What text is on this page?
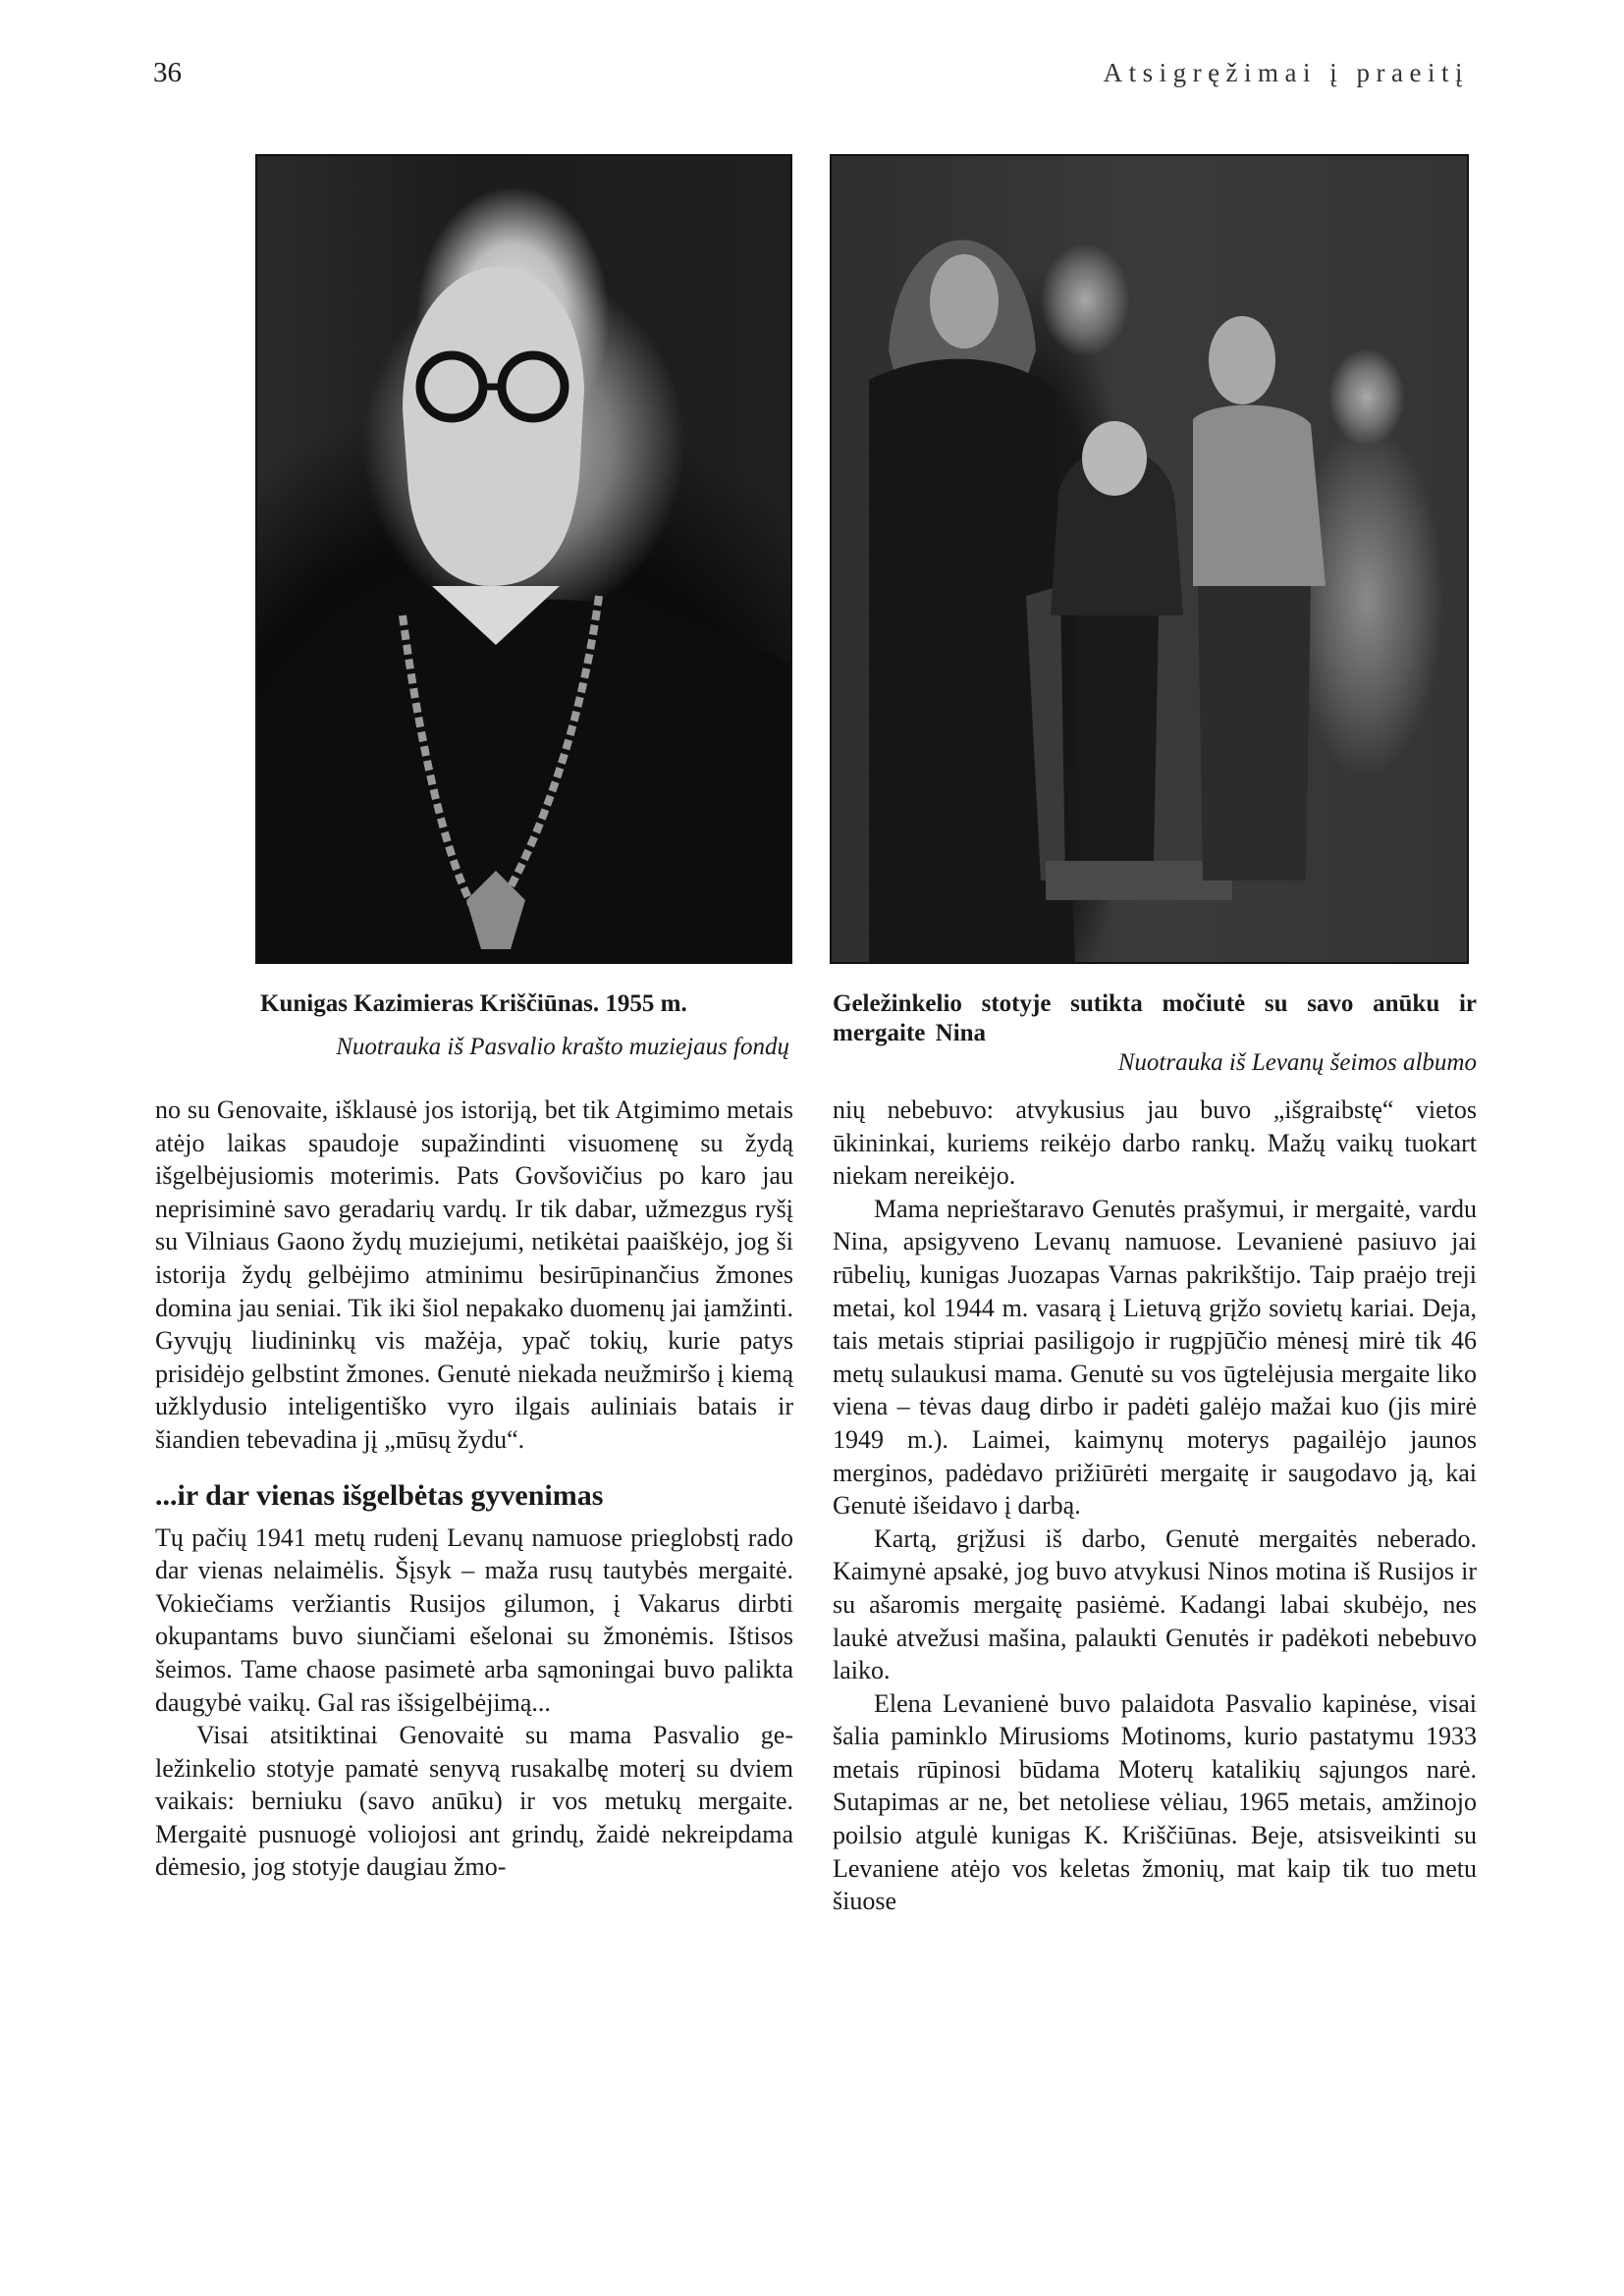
36	Atsigręžimai į praeitį
Kunigas Kazimieras Kriščiūnas. 1955 m.
Nuotrauka iš Pasvalio krašto muziejaus fondų
Geležinkelio stotyje sutikta močiutė su savo anūku ir mergaite Nina
Nuotrauka iš Levanų šeimos albumo

no su Genovaite, išklausė jos istoriją, bet tik Atgimimo metais atėjo laikas spaudoje supažindinti visuomenę su žydą išgelbėjusiomis moterimis. Pats Govšovičius po karo jau neprisiminė savo geradarių vardų. Ir tik dabar, užmezgus ryšį su Vilniaus Gaono žydų muziejumi, netikėtai paaiškėjo, jog ši istorija žydų gelbėjimo atminimu besirūpinančius žmones domina jau seniai. Tik iki šiol nepakako duomenų jai įamžinti. Gyvųjų liudininkų vis mažėja, ypač tokių, kurie patys prisidėjo gelbstint žmones. Genutė niekada neužmiršo į kiemą užklydusio inteligentiško vyro ilgais auliniais batais ir šiandien tebevadina jį „mūsų žydu“.

...ir dar vienas išgelbėtas gyvenimas

Tų pačių 1941 metų rudenį Levanų namuose prieglobstį rado dar vienas nelaimėlis. Šįsyk – maža rusų tautybės mergaitė. Vokiečiams veržiantis Rusijos gilumon, į Vakarus dirbti okupantams buvo siunčiami ešelonai su žmonėmis. Ištisos šeimos. Tame chaose pasimetė arba sąmoningai buvo palikta daugybė vaikų. Gal ras išsigelbėjimą...

Visai atsitiktinai Genovaitė su mama Pasvalio geležinkelio stotyje pamatė senyvą rusakalbę moterį su dviem vaikais: berniuku (savo anūku) ir vos metukų mergaite. Mergaitė pusnuogė voliojosi ant grindų, žaidė nekreipdama dėmesio, jog stotyje daugiau žmo-

nių nebebuvo: atvykusius jau buvo „išgraibstę“ vietos ūkininkai, kuriems reikėjo darbo rankų. Mažų vaikų tuokart niekam nereikėjo.

Mama neprieštaravo Genutės prašymui, ir mergaitė, vardu Nina, apsigyveno Levanų namuose. Levanienė pasiuvo jai rūbelių, kunigas Juozapas Varnas pakrikštijo. Taip praėjo treji metai, kol 1944 m. vasarą į Lietuvą grįžo sovietų kariai. Deja, tais metais stipriai pasiligojo ir rugpjūčio mėnesį mirė tik 46 metų sulaukusi mama. Genutė su vos ūgtelėjusia mergaite liko viena – tėvas daug dirbo ir padėti galėjo mažai kuo (jis mirė 1949 m.). Laimei, kaimynų moterys pagailėjo jaunos merginos, padėdavo prižiūrėti mergaitę ir saugodavo ją, kai Genutė išeidavo į darbą.

Kartą, grįžusi iš darbo, Genutė mergaitės neberado. Kaimynė apsakė, jog buvo atvykusi Ninos motina iš Rusijos ir su ašaromis mergaitę pasiėmė. Kadangi labai skubėjo, nes laukė atvežusi mašina, palaukti Genutės ir padėkoti nebebuvo laiko.

Elena Levanienė buvo palaidota Pasvalio kapinėse, visai šalia paminklo Mirusioms Motinoms, kurio pastatymu 1933 metais rūpinosi būdama Moterų katalikių sąjungos narė. Sutapimas ar ne, bet netoliese vėliau, 1965 metais, amžinojo poilsio atgulė kunigas K. Kriščiūnas. Beje, atsisveikinti su Levaniene atėjo vos keletas žmonių, mat kaip tik tuo metu šiuose
